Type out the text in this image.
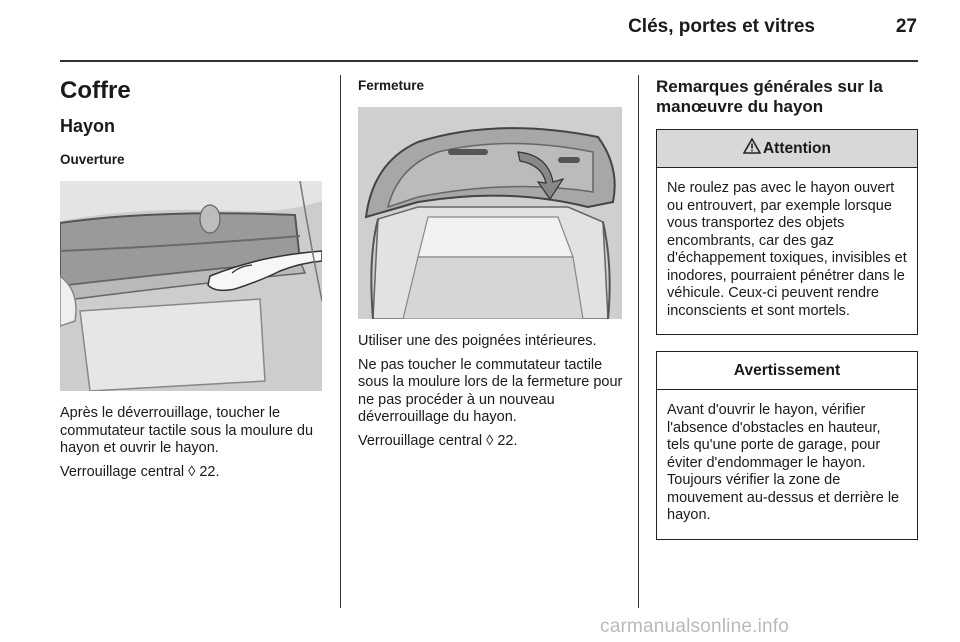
Clés, portes et vitres	27
Coffre
Hayon
Ouverture
Après le déverrouillage, toucher le commutateur tactile sous la moulure du hayon et ouvrir le hayon.
Verrouillage central ◊ 22.
Fermeture
Utiliser une des poignées intérieures.
Ne pas toucher le commutateur tactile sous la moulure lors de la fermeture pour ne pas procéder à un nouveau déverrouillage du hayon.
Verrouillage central ◊ 22.
Remarques générales sur la manœuvre du hayon
Attention
Ne roulez pas avec le hayon ouvert ou entrouvert, par exemple lorsque vous transportez des objets encombrants, car des gaz d'échappement toxiques, invisibles et inodores, pourraient pénétrer dans le véhicule. Ceux-ci peuvent rendre inconscients et sont mortels.
Avertissement
Avant d'ouvrir le hayon, vérifier l'absence d'obstacles en hauteur, tels qu'une porte de garage, pour éviter d'endommager le hayon. Toujours vérifier la zone de mouvement au-dessus et derrière le hayon.
carmanualsonline.info
